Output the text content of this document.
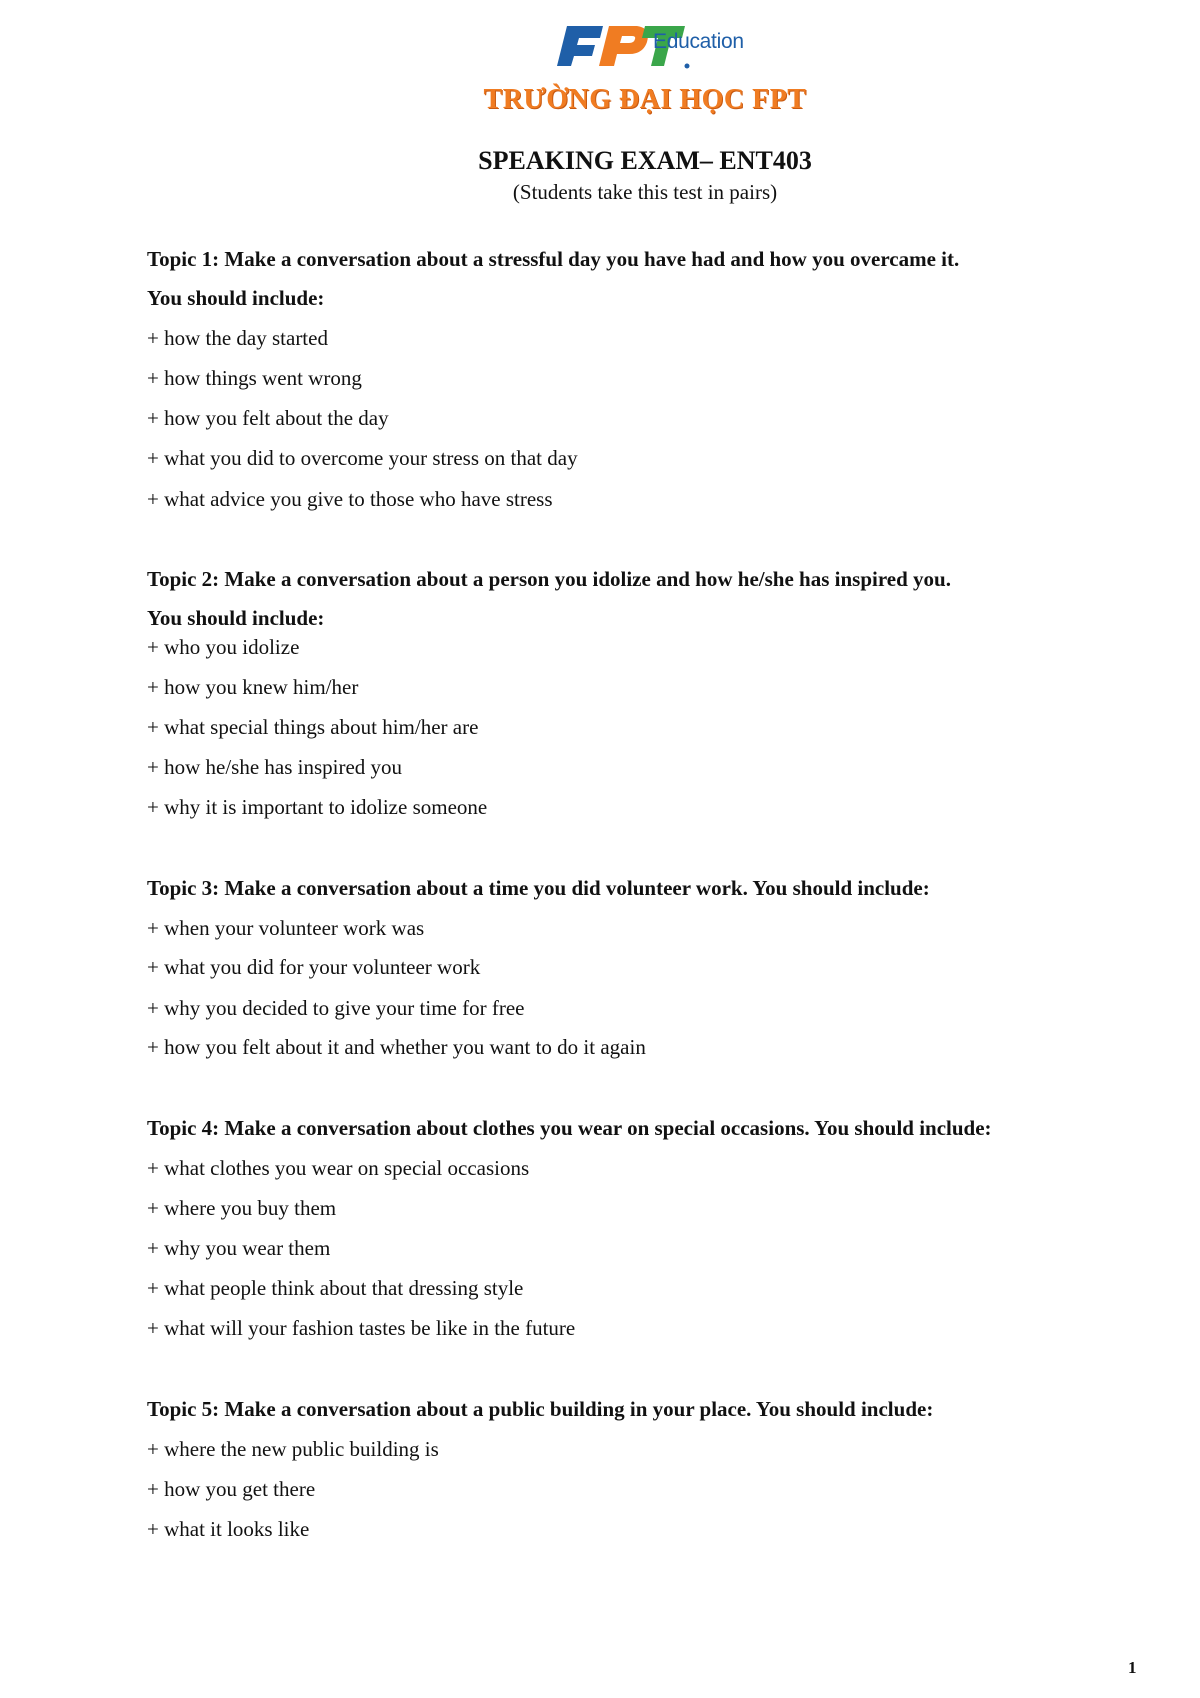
Education
TRƯỜNG ĐẠI HỌC FPT
SPEAKING EXAM– ENT403
(Students take this test in pairs)
Topic 1: Make a conversation about a stressful day you have had and how you overcame it.
You should include:
+ how the day started
+ how things went wrong
+ how you felt about the day
+ what you did to overcome your stress on that day
+ what advice you give to those who have stress
Topic 2: Make a conversation about a person you idolize and how he/she has inspired you.
You should include:
+ who you idolize
+ how you knew him/her
+ what special things about him/her are
+ how he/she has inspired you
+ why it is important to idolize someone
Topic 3: Make a conversation about a time you did volunteer work. You should include:
+ when your volunteer work was
+ what you did for your volunteer work
+ why you decided to give your time for free
+ how you felt about it and whether you want to do it again
Topic 4: Make a conversation about clothes you wear on special occasions. You should include:
+ what clothes you wear on special occasions
+ where you buy them
+ why you wear them
+ what people think about that dressing style
+ what will your fashion tastes be like in the future
Topic 5: Make a conversation about a public building in your place. You should include:
+ where the new public building is
+ how you get there
+ what it looks like
1
